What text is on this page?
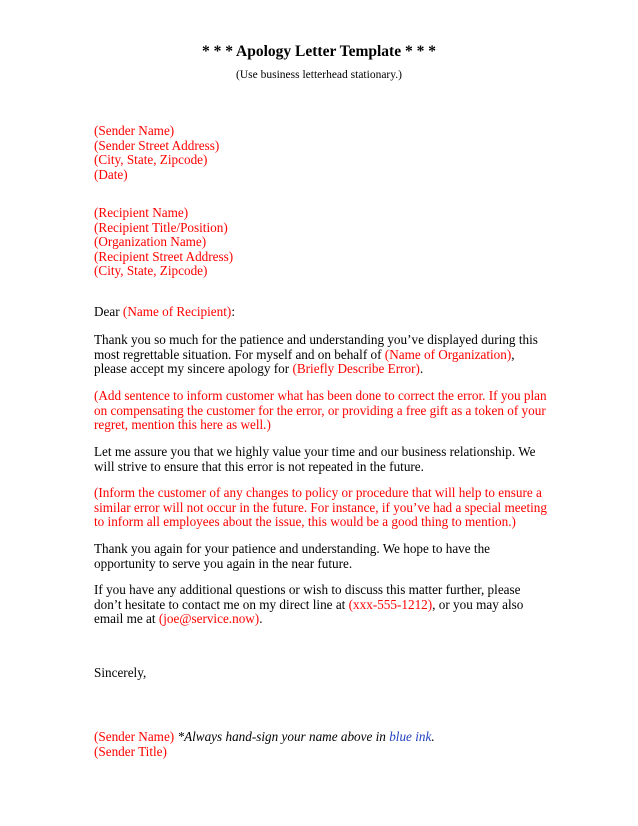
* * * Apology Letter Template * * *
(Use business letterhead stationary.)
(Sender Name)
(Sender Street Address)
(City, State, Zipcode)
(Date)
(Recipient Name)
(Recipient Title/Position)
(Organization Name)
(Recipient Street Address)
(City, State, Zipcode)
Dear (Name of Recipient):
Thank you so much for the patience and understanding you’ve displayed during this most regrettable situation. For myself and on behalf of (Name of Organization), please accept my sincere apology for (Briefly Describe Error).
(Add sentence to inform customer what has been done to correct the error. If you plan on compensating the customer for the error, or providing a free gift as a token of your regret, mention this here as well.)
Let me assure you that we highly value your time and our business relationship. We will strive to ensure that this error is not repeated in the future.
(Inform the customer of any changes to policy or procedure that will help to ensure a similar error will not occur in the future. For instance, if you’ve had a special meeting to inform all employees about the issue, this would be a good thing to mention.)
Thank you again for your patience and understanding. We hope to have the opportunity to serve you again in the near future.
If you have any additional questions or wish to discuss this matter further, please don’t hesitate to contact me on my direct line at (xxx-555-1212), or you may also email me at (joe@service.now).
Sincerely,
(Sender Name) *Always hand-sign your name above in blue ink.
(Sender Title)
